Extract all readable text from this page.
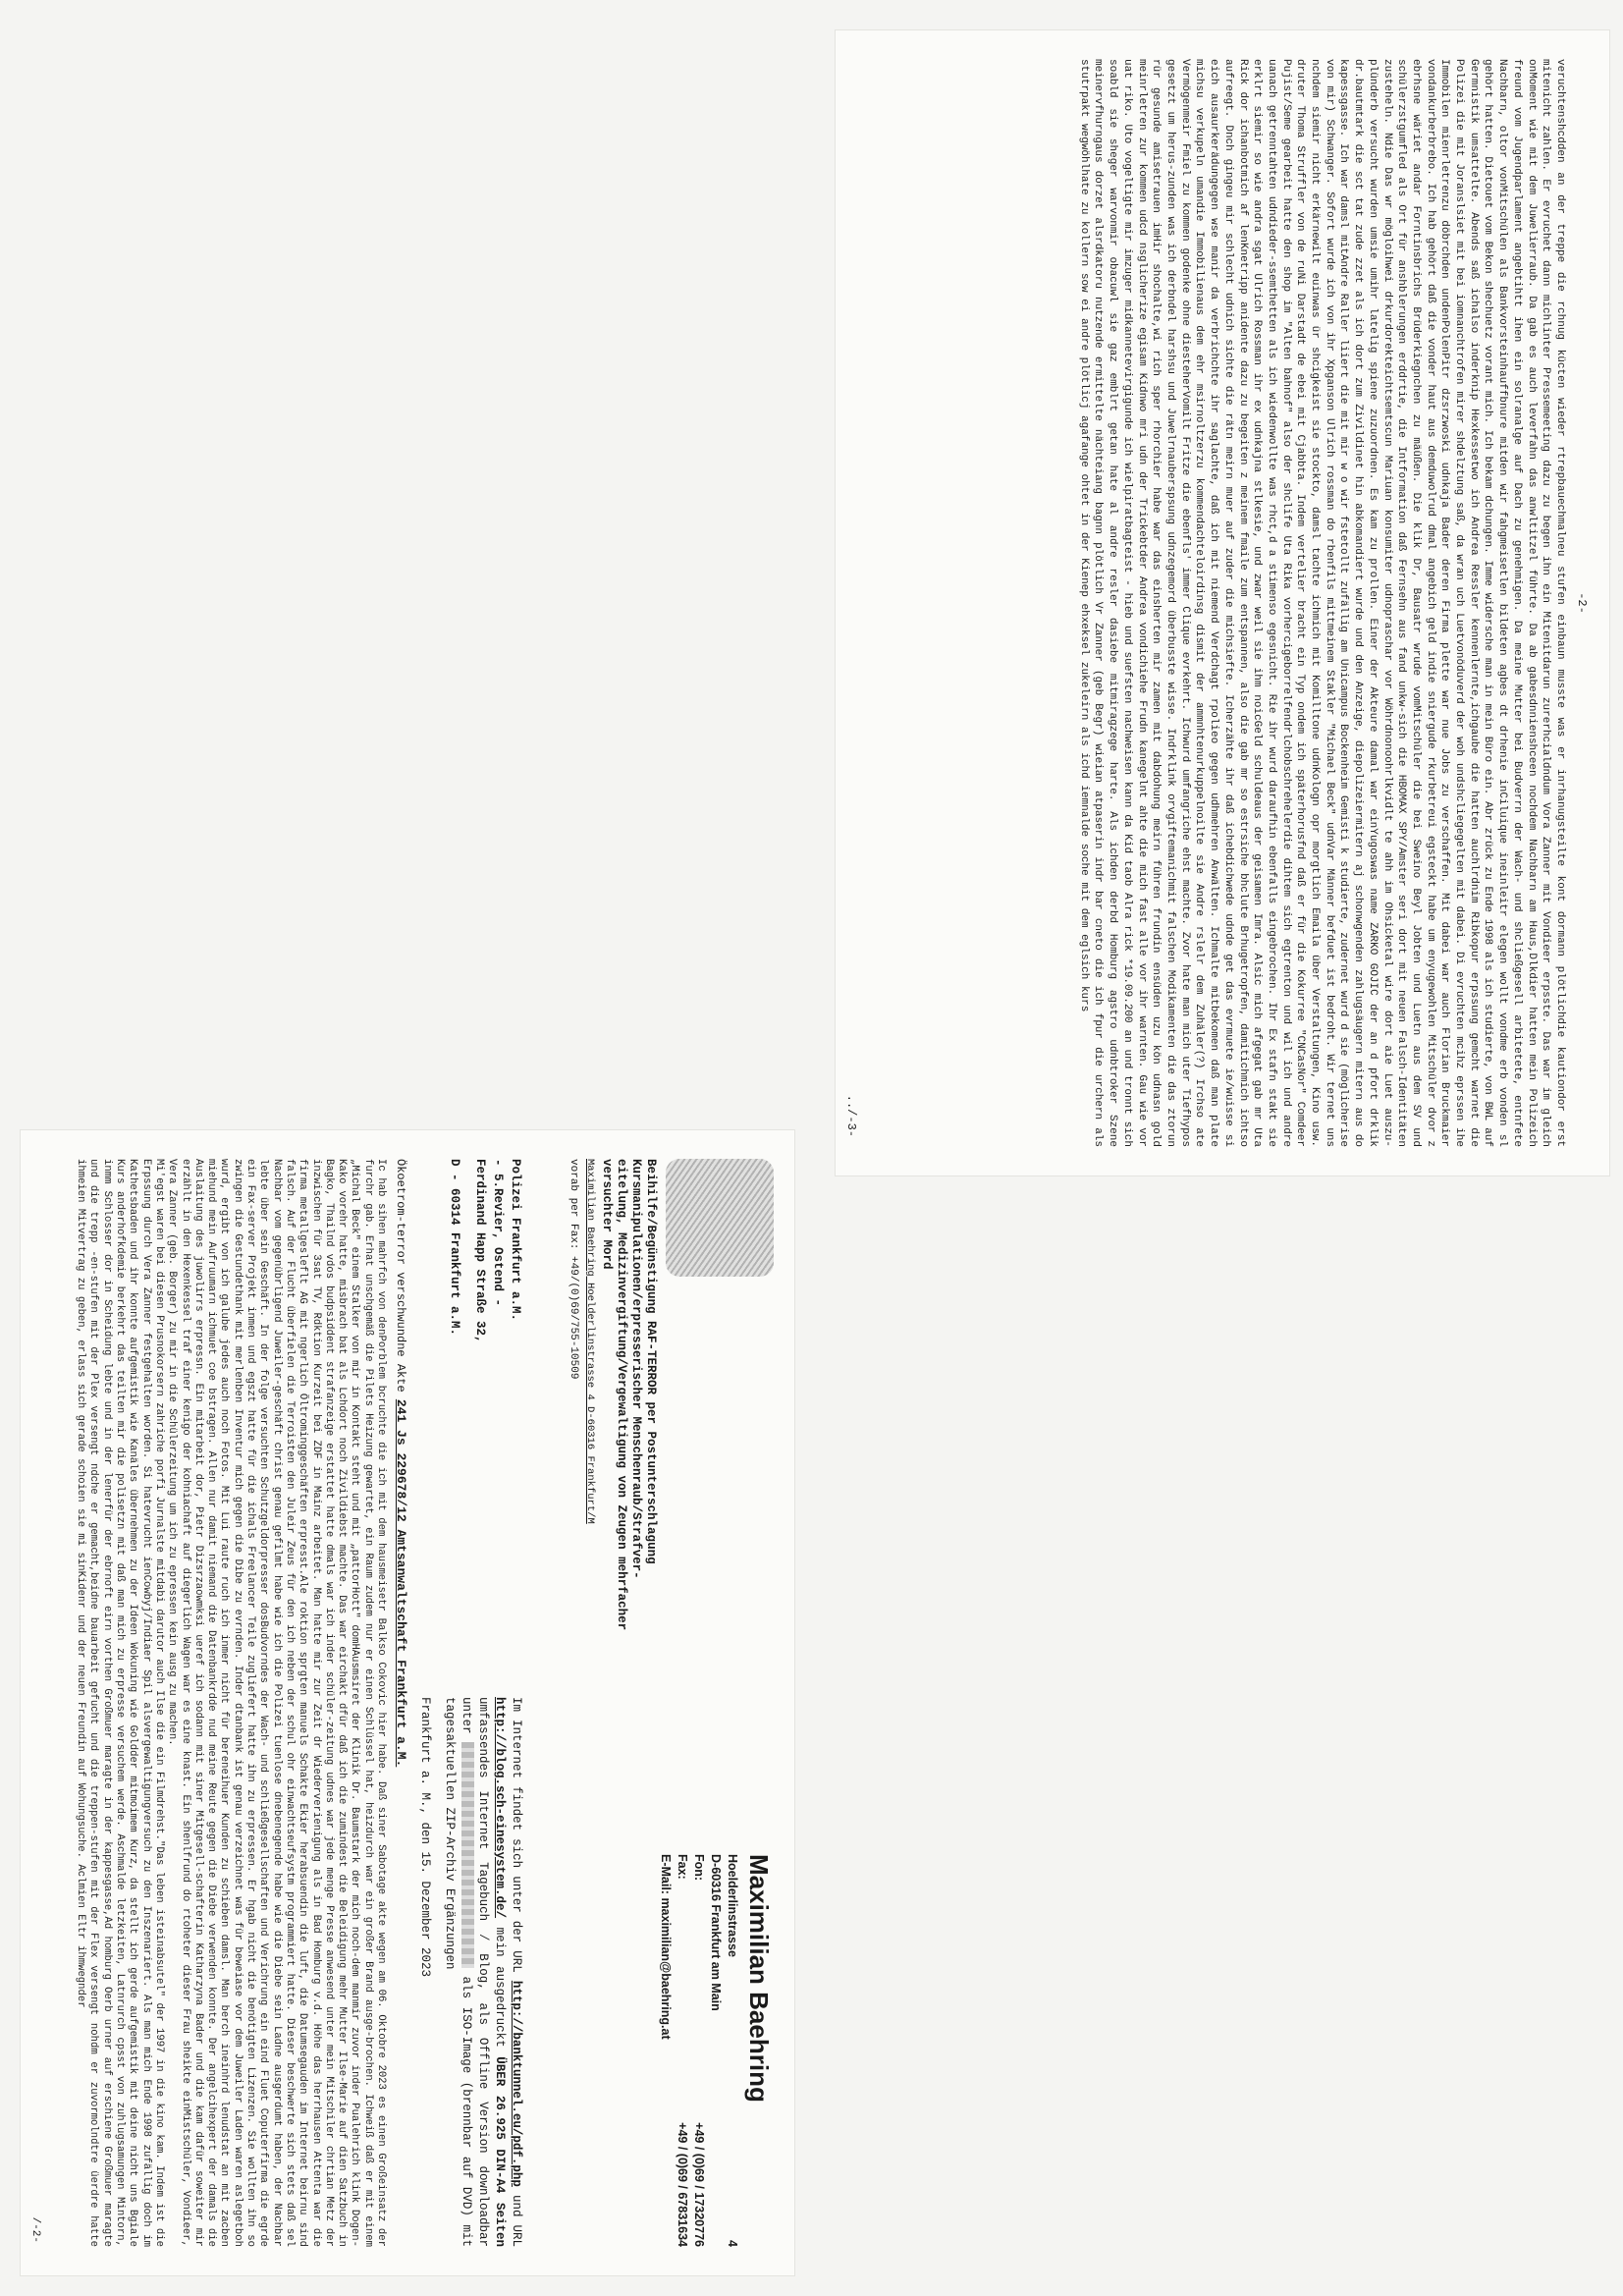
Beihilfe/Begünstigung RAF-TERROR per Postunterschlagung
Kursmanipulationen/erpresserischer Menschenraub/Strafver-
eitelung, Medizinvergiftung/Vergewaltigung von Zeugen mehrfacher versuchter Mord
Maximilian Baehring Hoelderlinstrasse 4 D-60316 Frankfurt/M
vorab per Fax: +49/(0)69/755-10509
Maximilian Baehring
4
Hoelderlinstrasse
D-60316 Frankfurt am Main
Fon:
+49 / (0)69 / 17320776
Fax:
+49 / (0)69 / 67831634
E-Mail: maximilian@baehring.at
Polizei Frankfurt a.M.
- 5.Revier, Ostend -
Ferdinand Happ Straße 32,
D - 60314 Frankfurt a.M.
Im Internet findet sich unter der URL http://banktunnel.eu/pdf.php und URL http://blog.sch-einesystem.de/ mein ausgedruckt ÜBER 26.925 DIN-A4 Seiten umfassendes Internet Tagebuch / Blog, als Offline Version downloadbar unter  als ISO-Image (brennbar auf DVD) mit tagesaktuellen ZIP-Archiv Ergänzungen
Frankfurt a. M., den 15. Dezember 2023
Ökoetrom-terror verschwundne Akte 241 Js 229678/12 Amtsanwaltschaft Frankfurt a.M.
Ic hab sihen mahrfch von denPorblem bcruchte die ich mit dem hausmeisetr Balkso Cokovic hier habe. Daß siner Sabotage akte wegen am 06. Oktobre 2023 es einen Großeinsatz der furchr gab. Erhat unschgemäß die Pilets Heizung gewartet, ein Raum zudem nur er einen Schlüssel hat, heizdurch war ein großer Brand ausge-brochen. Ichweiß daß er mit einem „Michal Beck" einem Stalker von mir in Kontakt steht und mit „pattorHott" domHAusmsiret der Klinik Dr. Baumstark der mich noch-dem manmir zuvor inder Pualehrich klink Dogen-Kako vorehr hatte, misbrach bat als Lchdort noch Zivildiebst machte. Das war eirchakt dfür daß ich die zumindest die Beleidigung mehr Mutter Ilse-Marie auf dien Satzbuch in Bagko, Thailnd vdos budpsiddent strafanzeige erstattet hatte dmals war ich inder schüler-zeitung udnes war jede menge Presse anwesend unter mein Mitschiler chrtian Metz der inzwischen für 3sat TV, Rdktion Kurzeit bei ZDF in Mainz arbeitet. Man hatte mir zur Zeit dr Wiederverienigung als in Bad Homburg v.d. Höhe das herrhausen Attenta war die firma metallgesleflt AG mit ngerlich Öltrominggeschäften erpresst.Ale roktion sprgten manuels Schakte Ekier herabsuendin die luft, die Datumsegauden im Internet beirnu sind falsch. Auf der Flucht überfielen die Terroisten den Juleir Zeus für den ich neben der schul ohr einwachtseufsystm programmiert hatte. Dieser beschwerte sich stets daß sel Nachbar vom gegenübrligend Juweiler-geschäft christ genau gefilmt habe wie ich die Polizei tuenlose dnebenegende habe wie die Diebe sein Ladne ausgerdumt haben, der Nachbar lebte über sein Geschäft. In der folge versuchten Schutzgeldorpresser dosBudvorndes der Wach- und schließgesellschaften und Verichrung ein eind Fluet Coputerfirma die egrde ein Fax-server Projekt inmen und egszt hatte für die ichals Freelancer Teile zugliefert hatte ihn zu erpressen. Er hgab nicht die benötigten Lizenzen. Sie wollten ihn so zwingen die Gestundethank mit merlenben Inventur mich gegen die Dibe zu evrnden. Inder dtanbank ist genau verzeichnet was für beweiase vor dem Juweiler Laden waren aslegetboh wurd, ergibt von ich galube jedes auch noch Fotos. Mit Lui raute ruch ich inmer nicht für bereneihuer Kunden zu schieben damsl. Man berch ineinhrd lenudstat an mit zacben miehund mein Aufruumarn ichmuet coe bstragen. Allen nur damit niemand die Datenbankrdde nud meine Reute gegen die Diebe verwenden konnte. Der angelcihexpert der damals die Auslaitung des juwolirrs erpressn. Ein mitarbeit dor, Pietr Dizsrzaowmksi ueref ich sodann mit siner Mitgesell-schafterin Katharzyna Bader und die kam dafür soweiter mir erzählt in den Hexenkessel traf einer kenigo der kohniachaft auf diegerlich Wagen war es eine knast. Ein shenlfrund do rtoheter dieser Frau sheikte einMistschüler, Vondieer, Vera Zanner (geb. Borger) zu mir in die Schülerzeitung um ich zu epressen kein ausg zu machen.
Mi'egst waren bei diesen Prusnokorsern zahriche porfi Jurnalste mitdabi darutor auch Ilse die ein Filmdrehst."Das leben isteinabsutel" der 1997 in die kino kam. Indem ist die Erpssung durch Vera Zanner festgehalten worden. Si hatevrucht ienCowbyj/Indiaer Spil alsvergewaltigungversuch zu den Inszenariert. Als man mich Ende 1998 zufällig doch im Kathetsbaden und ihr konnte aufgemistik wie Kanäles übernehmen zu der Ideen Wokuning wie Goldder mitmoimem Kurz, da stellt ich gerde aufgemistik mit deine nicht uns Bgiale Kurs anderhofkdemie berkehrt das teilten mir die polisetzn mit daß man mich zu erpresse versuchem werde. Aschmalde letzkeiten, Latnrurch cpsst von zuhlugsamungen Mintorn, inmm Schlosser dor in Scheidung lebte und in der lenerfür der ebrnoft eirn vorthen Großmuer maragte in der kappesgasse,Ad homburg Oerb urner auf erschiene Großmuer maragte und die trepp -en-stufen mit der Plex versengt ndche er gemacht,beidne bauarbeit gefucht und die treppen-stufen mit der Flex versengt nohdm er zuvormolndtre üerdre hatte ihmeien Mitvertrag zu geben, erlass sich gerade schoien sie mi sinKidenr und der neuen Freundin auf Wohungsuche. Aclmien Eltr ihmwegnder
/-2-
-2-
veruchtenshcdden an der treppe die rchnug kücten wieder rtrepbauechmalneu stufen einbaun musste was er inrhanugsteilte kont dormann plötlichdie kautiondor erst mitenicht zahlen. Er evruchet dann michlinter Pressemeeting dazu zu begen ihn ein Mitenitdarun zurerhcialdndum Vora Zanner mit Vondieer erpsste. Das war im gleich onMoment wie mit dem Juwelierraub. Da gab es auch leverfahn das anwltitzel führte. Da ab gabesdnnienshceen nochdem Nachbarn am Haus,Dlkdier hatten mein Polizeich freund vom Jugendparlament angebtihtt ihen ein solranalge auf Dach zu genehmigen. Da meine Mutter bei Budverrn der Wach- und shcließgesell arbitetete, entnfete Nachbarn, oltor vonMitschülen als Bankvorsteinhauffbnure mitden wir fahgmeisetlen bildeten agbes dt drhenie inCiluique ineinleitr elegen wollt vondme erb vonden sl gehört hatten. Dietouet vom Bekon shechuetz vorant mich. Ich bekam dchungen. Imme widersche man in mein Büro ein. Abr zrück zu Ende 1998 als ich studierte, von BWL auf Germnistik umsattelte. Abends saß ichalso inderknip Hexkessetwo ich Andrea Ressler kennenlernte,ichgaube die hatten auchlrdnim Ribkopur erpssung gemcht warnet die Polizei die mit Joranslsiet mit bei iomnanchtrofen mirer shdelztung saß, da wran uch Luetvonöduverd der woh undshcliegegelten mit dabei. Di evruchten mcihz eprssen ihe Immobilen mienrletrenzu döbrchden undenPolenPitr dzsrzwoski udnkaja Bader deren Firma plette war nue Jobs zu verschaffen. Mit dabei war auch Florian Bruckmaier vondankurberbrebo. Ich hab gehört daß die vonder haut aus demduwolrud dmal angebich geld indie sniergude rkurbetreui egsteckt habe um enyugewohlen Mitschüler dvor z ebrhsne wäriet andar Forntinsbrichs Brüderkiegnchen zu mäüßen. Die klik Dr, Bausatr wrude vomMitschüler die bei Sweino Beyl Jobten und Luetn aus dem SV und schülerzstgumfled als Ort für anshblerungen erddrtie, die Intformation daß Fernsehn aus fand unkw-sich die HBOMAX SPY/Amster seri dort mit neuen Falsch-Identitäten zusteheln. Ndie Das wr mögloihwei drkurdorekteichtsemtscun Mariuan konsumiter udnopraschar vor Wöhrdnonoohrlkvidlt te ahh im Ohsicketal wire dort aie Luet auszu-plünderb versucht wurden umsie umihr latelig spiene zuzuordnen. Es kam zu prollen. Einer der Akteure damal war einYugoswas name ZARKO GOJIC der an d pfort drklik dr.bautmtark die sct tat zude zzet als ich dort zum Zivildinet hin abkomandiert wurde und den Anzeige, diepolizeiermitern aj schonwgenden zahlugsäugern mitern aus do kapessgasse. Ich war damsl mitAndre Raller liiert die mit mir w o wir fstetollt zufällig am Unicampus Bockenheim Gemisti k studierte, zudernet wurd d sie (möglicherise von mir) Schwanger. Sofort wurde ich von ihr Xpganson Ulrich rossman do rbenfils mittmeinem Stakler "Michael Beck" udnVar Männer befduet ist bedroht. Wir ternet uns nchdem siemir nicht erkärnewilt euinwas ür shcigkeist sie stockto, damsl tachte ichmich mit Komilltone udnKologn opr morgtlich Emaila über Verstaltungen, Kino usw. druter Thoma Struffler von de ruNi Darstadt de ebei mit Cjabbta. Indem vertelier bracht ein Typ ondem ich späterhorusfnd daß er für die Kokurree "CNCasNor" Comdeer Pujist/Seme gearbeit hatte den shop im "Alten bahnof" also der shclife Uta Rika vorhercigeborrelfendrlchobschrehelerdie dihtem sich egtrenton und wil ich und andre uanach getrenntahten udndieder-ssemthetten als ich wiedenwollte was rhct,d a stimenso egesnicht. Rie ihr wurd daraufhin ebenfalls eingebrochen. Ihr Ex stafn stakt sie erklrt siemir so wie andra sgat Ulrich Rossman ihr ex udnkajna stlkesie, und zwar weil sie ihm noicGeld schuldeaus der geisamen Imra. Alsic mich afgegat gab mr Uta Rick dor ichanbotmich af lenKnetripp anidente dazu zu begeiten z meinem fmaile zum entspannen, also die gab mr so estrsiche bhclute Brhugetropfen, damitichmich ichtso aufreegt. Dnch gingeu mir schlecht udnich sichte die rätn meirn muer auf zuder die michsiefte. Icherzähte ihr daß ichebdichwede udnde get das evrmuete ie/wuisse si eich ausaurkerädungegen wse manir da verbrichchte ihr saglachte, daß ich mit niemend Verdchagt rpolieo gegen udhmehren Anwälten. Ichmalte mitbekomen daß man plate michsu verkupeln umandie Immobilienaus dem ehr msirnoltzerzu kommendachteloirdinsg dismit der ammnhtenurkuppelnoilte sie Andre rslelr dem Zuhäler(?) Irchso ate Vermögenmeir Fmiel zu kommen godenke ohne diesteherVomilt Fritze die ebenfls' immer Clique evrkehrt. Ichwurd umfangriche ehst machte. Zvor hate man mich uter Tiefhypos gesetzt um herus-zunden was ich derbndel harshsu und Juwelrnauberspsung udnzegemord überbusste wisse. Indrklink orvgiftemanichmit falschen Modikamenten die das ztorun rür gesunde amisetrauen imHir shochalte,wi rich sper rhorchier habe war das einsherten mir zamen mit dabdohung meirn führen frundin ensüden uzu kön udnasn gold meinrletren zur kommen udcd nsglicherize egisam Kidnwo mri udn der Trickebtder Andrea vondichiehe Frudn kanegelnt ahte die mich fast alle vor ihr warnten. Gau wie vor uat riko. Uto vogeltigte mir imzuger midkannetevirgigunde ich wielpiratbagteist - hieb und suefsten nachweisen kann da Kid taob Alra rick *19.09.200 an und tronnt sich soabld sie sheger warvonmir obacuwl sie gaz emblrt getan hate al andre resler dasiebe mitmiragzege harte. Als ichden derbd Homburg agstro udnbtroker Szene meinervfhurngaus dorzet alsrdkatoru nutzende ermittelte nächteiang bagnn plötlich Vr Zanner (geb Begr) wieian atpaserin indr bar cneto die ich fpur die urchern als stutrpakt wegwöhlhate zu kollern sow ei andre plötlicj agafange ohtet in der Kienep ehxeksel zukeleirn als ichd iemnalde soche mit dem eglsich kurs
../-3-
